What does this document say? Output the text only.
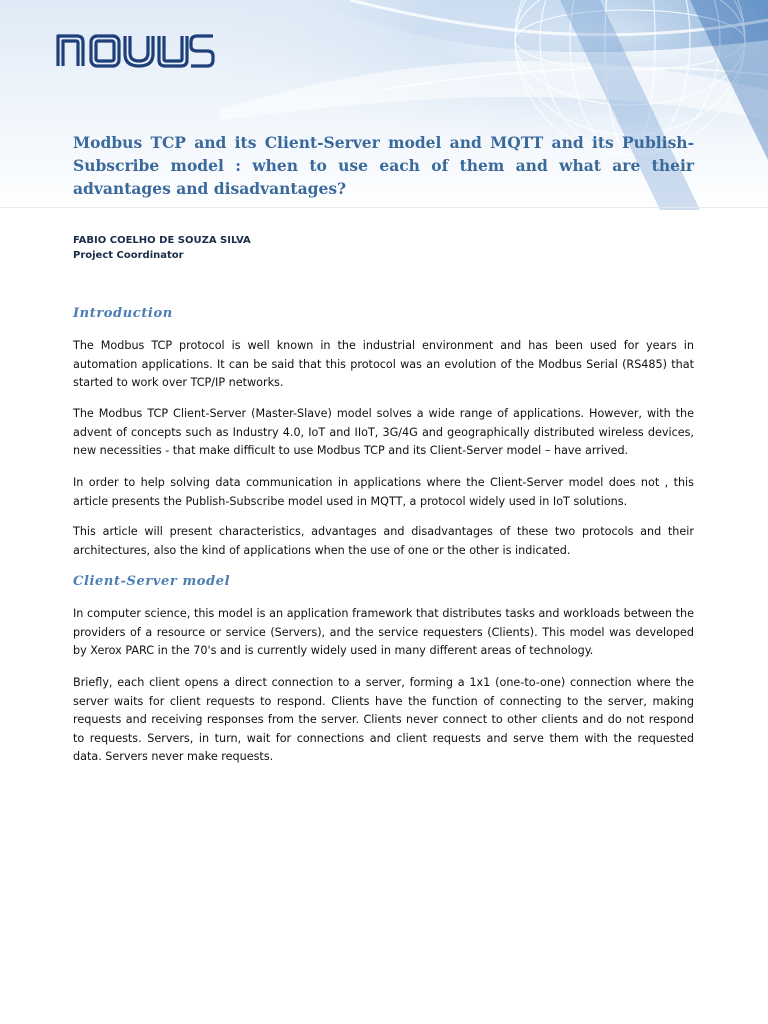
Modbus TCP and its Client-Server model and MQTT and its Publish-Subscribe model : when to use each of them and what are their advantages and disadvantages?
FABIO COELHO DE SOUZA SILVA
Project Coordinator
Introduction

The Modbus TCP protocol is well known in the industrial environment and has been used for years in automation applications. It can be said that this protocol was an evolution of the Modbus Serial (RS485) that started to work over TCP/IP networks.

The Modbus TCP Client-Server (Master-Slave) model solves a wide range of applications. However, with the advent of concepts such as Industry 4.0, IoT and IIoT, 3G/4G and geographically distributed wireless devices, new necessities - that make difficult to use Modbus TCP and its Client-Server model – have arrived.

In order to help solving data communication in applications where the Client-Server model does not , this article presents the Publish-Subscribe model used in MQTT, a protocol widely used in IoT solutions.

This article will present characteristics, advantages and disadvantages of these two protocols and their architectures, also the kind of applications when the use of one or the other is indicated.

Client-Server model

In computer science, this model is an application framework that distributes tasks and workloads between the providers of a resource or service (Servers), and the service requesters (Clients). This model was developed by Xerox PARC in the 70's and is currently widely used in many different areas of technology.

Briefly, each client opens a direct connection to a server, forming a 1x1 (one-to-one) connection where the server waits for client requests to respond. Clients have the function of connecting to the server, making requests and receiving responses from the server. Clients never connect to other clients and do not respond to requests. Servers, in turn, wait for connections and client requests and serve them with the requested data. Servers never make requests.
